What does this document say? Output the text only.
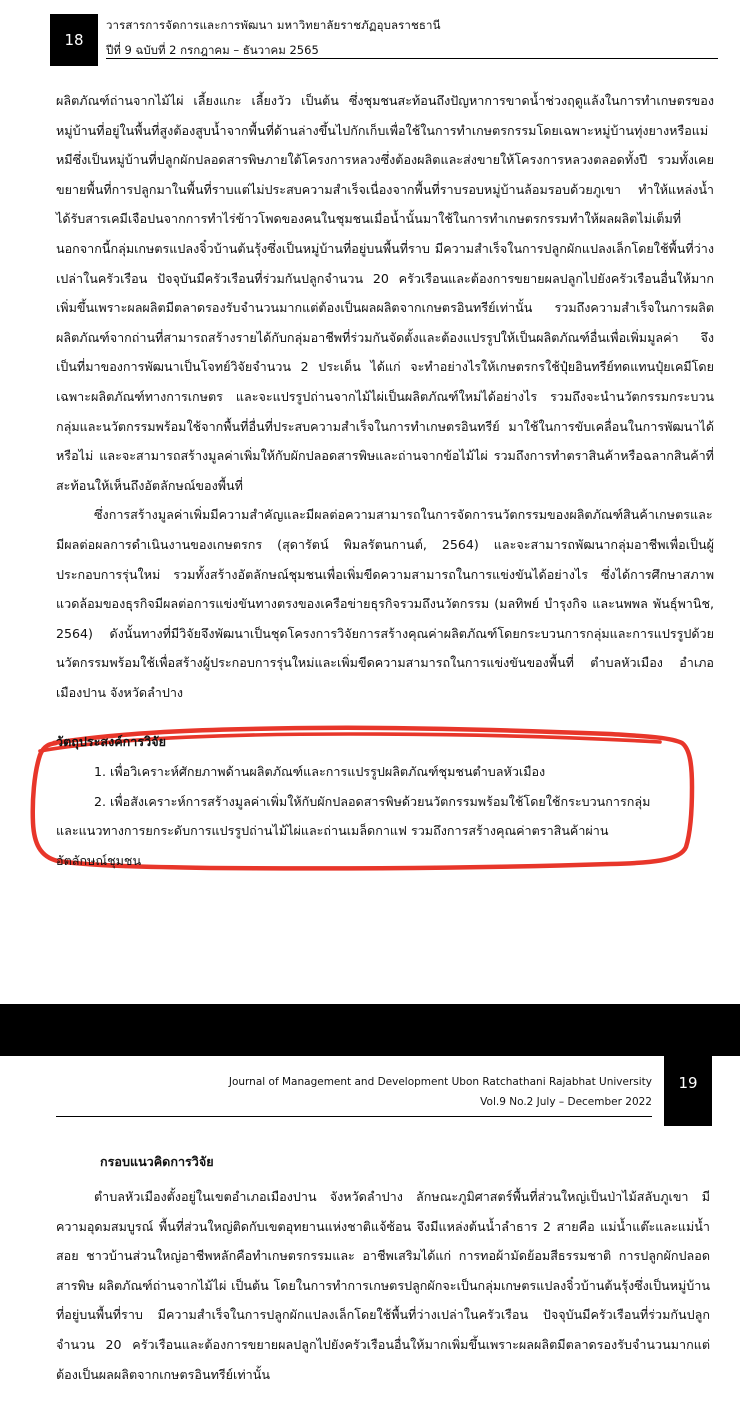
18
วารสารการจัดการและการพัฒนา มหาวิทยาลัยราชภัฏอุบลราชธานี
ปีที่ 9 ฉบับที่ 2 กรกฎาคม – ธันวาคม 2565

ผลิตภัณฑ์ถ่านจากไม้ไผ่ เลี้ยงแกะ เลี้ยงวัว เป็นต้น ซึ่งชุมชนสะท้อนถึงปัญหาการขาดน้ำช่วงฤดูแล้งในการทำเกษตรของหมู่บ้านที่อยู่ในพื้นที่สูงต้องสูบน้ำจากพื้นที่ด้านล่างขึ้นไปกักเก็บเพื่อใช้ในการทำเกษตรกรรมโดยเฉพาะหมู่บ้านทุ่งยางหรือแม่หมีซึ่งเป็นหมู่บ้านที่ปลูกผักปลอดสารพิษภายใต้โครงการหลวงซึ่งต้องผลิตและส่งขายให้โครงการหลวงตลอดทั้งปี รวมทั้งเคยขยายพื้นที่การปลูกมาในพื้นที่ราบแต่ไม่ประสบความสำเร็จเนื่องจากพื้นที่ราบรอบหมู่บ้านล้อมรอบด้วยภูเขา ทำให้แหล่งน้ำได้รับสารเคมีเจือปนจากการทำไร่ข้าวโพดของคนในชุมชนเมื่อน้ำนั้นมาใช้ในการทำเกษตรกรรมทำให้ผลผลิตไม่เต็มที่ นอกจากนี้กลุ่มเกษตรแปลงจิ๋วบ้านต้นรุ้งซึ่งเป็นหมู่บ้านที่อยู่บนพื้นที่ราบ มีความสำเร็จในการปลูกผักแปลงเล็กโดยใช้พื้นที่ว่างเปล่าในครัวเรือน ปัจจุบันมีครัวเรือนที่ร่วมกันปลูกจำนวน 20 ครัวเรือนและต้องการขยายผลปลูกไปยังครัวเรือนอื่นให้มากเพิ่มขึ้นเพราะผลผลิตมีตลาดรองรับจำนวนมากแต่ต้องเป็นผลผลิตจากเกษตรอินทรีย์เท่านั้น รวมถึงความสำเร็จในการผลิตผลิตภัณฑ์จากถ่านที่สามารถสร้างรายได้กับกลุ่มอาชีพที่ร่วมกันจัดตั้งและต้องแปรรูปให้เป็นผลิตภัณฑ์อื่นเพื่อเพิ่มมูลค่า จึงเป็นที่มาของการพัฒนาเป็นโจทย์วิจัยจำนวน 2 ประเด็น ได้แก่ จะทำอย่างไรให้เกษตรกรใช้ปุ๋ยอินทรีย์ทดแทนปุ๋ยเคมีโดยเฉพาะผลิตภัณฑ์ทางการเกษตร และจะแปรรูปถ่านจากไม้ไผ่เป็นผลิตภัณฑ์ใหม่ได้อย่างไร รวมถึงจะนำนวัตกรรมกระบวนกลุ่มและนวัตกรรมพร้อมใช้จากพื้นที่อื่นที่ประสบความสำเร็จในการทำเกษตรอินทรีย์ มาใช้ในการขับเคลื่อนในการพัฒนาได้หรือไม่ และจะสามารถสร้างมูลค่าเพิ่มให้กับผักปลอดสารพิษและถ่านจากข้อไม้ไผ่ รวมถึงการทำตราสินค้าหรือฉลากสินค้าที่สะท้อนให้เห็นถึงอัตลักษณ์ของพื้นที่

ซึ่งการสร้างมูลค่าเพิ่มมีความสำคัญและมีผลต่อความสามารถในการจัดการนวัตกรรมของผลิตภัณฑ์สินค้าเกษตรและมีผลต่อผลการดำเนินงานของเกษตรกร (สุดารัตน์ พิมลรัตนกานต์, 2564) และจะสามารถพัฒนากลุ่มอาชีพเพื่อเป็นผู้ประกอบการรุ่นใหม่ รวมทั้งสร้างอัตลักษณ์ชุมชนเพื่อเพิ่มขีดความสามารถในการแข่งขันได้อย่างไร ซึ่งได้การศึกษาสภาพแวดล้อมของธุรกิจมีผลต่อการแข่งขันทางตรงของเครือข่ายธุรกิจรวมถึงนวัตกรรม (มลทิพย์ บำรุงกิจ และนพพล พันธุ์พานิช, 2564) ดังนั้นทางที่มีวิจัยจึงพัฒนาเป็นชุดโครงการวิจัยการสร้างคุณค่าผลิตภัณฑ์โดยกระบวนการกลุ่มและการแปรรูปด้วยนวัตกรรมพร้อมใช้เพื่อสร้างผู้ประกอบการรุ่นใหม่และเพิ่มขีดความสามารถในการแข่งขันของพื้นที่ ตำบลหัวเมือง อำเภอเมืองปาน จังหวัดลำปาง

วัตถุประสงค์การวิจัย
1. เพื่อวิเคราะห์ศักยภาพด้านผลิตภัณฑ์และการแปรรูปผลิตภัณฑ์ชุมชนตำบลหัวเมือง
2. เพื่อสังเคราะห์การสร้างมูลค่าเพิ่มให้กับผักปลอดสารพิษด้วยนวัตกรรมพร้อมใช้โดยใช้กระบวนการกลุ่ม
และแนวทางการยกระดับการแปรรูปถ่านไม้ไผ่และถ่านเมล็ดกาแฟ รวมถึงการสร้างคุณค่าตราสินค้าผ่าน
อัตลักษณ์ชุมชน
19
Journal of Management and Development Ubon Ratchathani Rajabhat University
Vol.9 No.2 July – December 2022
กรอบแนวคิดการวิจัย

ตำบลหัวเมืองตั้งอยู่ในเขตอำเภอเมืองปาน จังหวัดลำปาง ลักษณะภูมิศาสตร์พื้นที่ส่วนใหญ่เป็นป่าไม้สลับภูเขา มีความอุดมสมบูรณ์ พื้นที่ส่วนใหญ่ติดกับเขตอุทยานแห่งชาติแจ้ซ้อน จึงมีแหล่งต้นน้ำลำธาร 2 สายคือ แม่น้ำแต๊ะและแม่น้ำสอย ชาวบ้านส่วนใหญ่อาชีพหลักคือทำเกษตรกรรมและ อาชีพเสริมได้แก่ การทอผ้ามัดย้อมสีธรรมชาติ การปลูกผักปลอดสารพิษ ผลิตภัณฑ์ถ่านจากไม้ไผ่ เป็นต้น โดยในการทำการเกษตรปลูกผักจะเป็นกลุ่มเกษตรแปลงจิ๋วบ้านต้นรุ้งซึ่งเป็นหมู่บ้านที่อยู่บนพื้นที่ราบ มีความสำเร็จในการปลูกผักแปลงเล็กโดยใช้พื้นที่ว่างเปล่าในครัวเรือน ปัจจุบันมีครัวเรือนที่ร่วมกันปลูกจำนวน 20 ครัวเรือนและต้องการขยายผลปลูกไปยังครัวเรือนอื่นให้มากเพิ่มขึ้นเพราะผลผลิตมีตลาดรองรับจำนวนมากแต่ต้องเป็นผลผลิตจากเกษตรอินทรีย์เท่านั้น
